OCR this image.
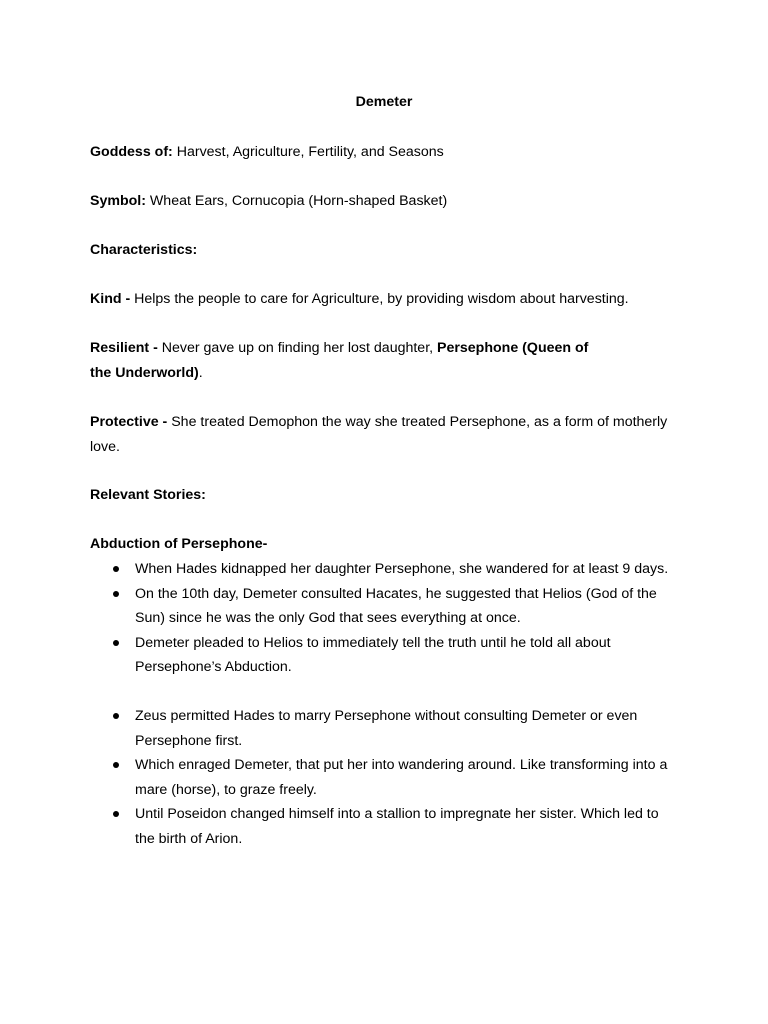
Demeter

Goddess of: Harvest, Agriculture, Fertility, and Seasons

Symbol: Wheat Ears, Cornucopia (Horn-shaped Basket)

Characteristics:

Kind - Helps the people to care for Agriculture, by providing wisdom about harvesting.

Resilient - Never gave up on finding her lost daughter, Persephone (Queen of the Underworld).

Protective - She treated Demophon the way she treated Persephone, as a form of motherly love.

Relevant Stories:

Abduction of Persephone-

When Hades kidnapped her daughter Persephone, she wandered for at least 9 days.
On the 10th day, Demeter consulted Hacates, he suggested that Helios (God of the Sun) since he was the only God that sees everything at once.
Demeter pleaded to Helios to immediately tell the truth until he told all about Persephone’s Abduction.
Zeus permitted Hades to marry Persephone without consulting Demeter or even Persephone first.
Which enraged Demeter, that put her into wandering around. Like transforming into a mare (horse), to graze freely.
Until Poseidon changed himself into a stallion to impregnate her sister. Which led to the birth of Arion.
